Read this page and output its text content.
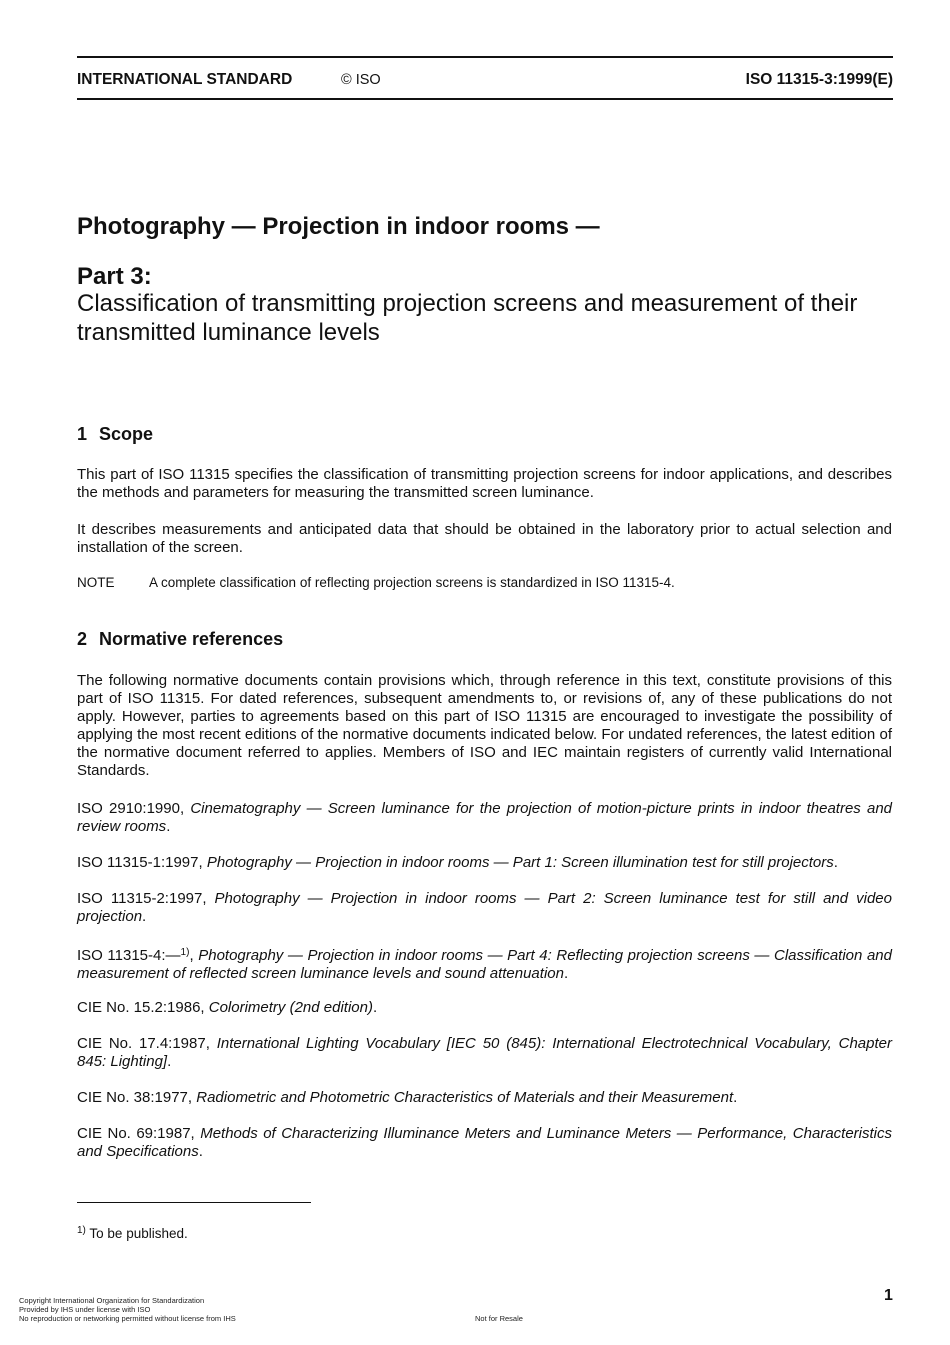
INTERNATIONAL STANDARD	© ISO	ISO 11315-3:1999(E)
Photography — Projection in indoor rooms —
Part 3:
Classification of transmitting projection screens and measurement of their transmitted luminance levels
1 Scope
This part of ISO 11315 specifies the classification of transmitting projection screens for indoor applications, and describes the methods and parameters for measuring the transmitted screen luminance.
It describes measurements and anticipated data that should be obtained in the laboratory prior to actual selection and installation of the screen.
NOTE	A complete classification of reflecting projection screens is standardized in ISO 11315-4.
2 Normative references
The following normative documents contain provisions which, through reference in this text, constitute provisions of this part of ISO 11315. For dated references, subsequent amendments to, or revisions of, any of these publications do not apply. However, parties to agreements based on this part of ISO 11315 are encouraged to investigate the possibility of applying the most recent editions of the normative documents indicated below. For undated references, the latest edition of the normative document referred to applies. Members of ISO and IEC maintain registers of currently valid International Standards.
ISO 2910:1990, Cinematography — Screen luminance for the projection of motion-picture prints in indoor theatres and review rooms.
ISO 11315-1:1997, Photography — Projection in indoor rooms — Part 1: Screen illumination test for still projectors.
ISO 11315-2:1997, Photography — Projection in indoor rooms — Part 2: Screen luminance test for still and video projection.
ISO 11315-4:—$^{1)}$, Photography — Projection in indoor rooms — Part 4: Reflecting projection screens — Classification and measurement of reflected screen luminance levels and sound attenuation.
CIE No. 15.2:1986, Colorimetry (2nd edition).
CIE No. 17.4:1987, International Lighting Vocabulary [IEC 50 (845): International Electrotechnical Vocabulary, Chapter 845: Lighting].
CIE No. 38:1977, Radiometric and Photometric Characteristics of Materials and their Measurement.
CIE No. 69:1987, Methods of Characterizing Illuminance Meters and Luminance Meters — Performance, Characteristics and Specifications.
$^{1)}$ To be published.
1
Copyright International Organization for Standardization
Provided by IHS under license with ISO
No reproduction or networking permitted without license from IHS	Not for Resale
